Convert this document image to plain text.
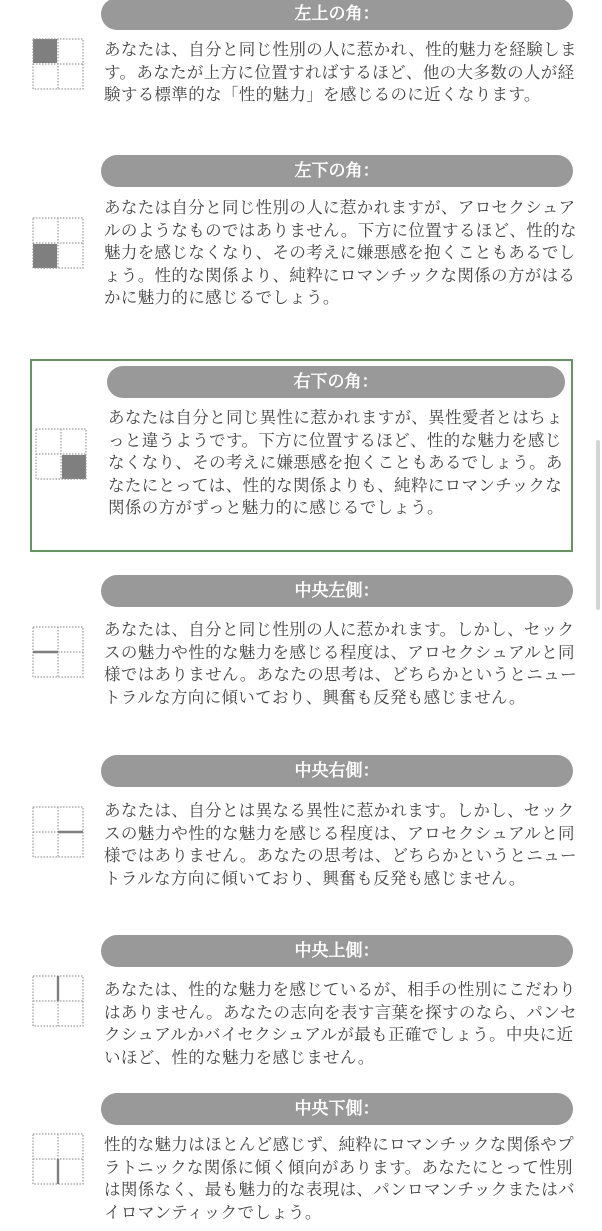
左上の角：
あなたは、自分と同じ性別の人に惹かれ、性的魅力を経験します。あなたが上方に位置すればするほど、他の大多数の人が経験する標準的な「性的魅力」を感じるのに近くなります。
左下の角：
あなたは自分と同じ性別の人に惹かれますが、アロセクシュアルのようなものではありません。下方に位置するほど、性的な魅力を感じなくなり、その考えに嫌悪感を抱くこともあるでしょう。性的な関係より、純粋にロマンチックな関係の方がはるかに魅力的に感じるでしょう。
右下の角：
あなたは自分と同じ異性に惹かれますが、異性愛者とはちょっと違うようです。下方に位置するほど、性的な魅力を感じなくなり、その考えに嫌悪感を抱くこともあるでしょう。あなたにとっては、性的な関係よりも、純粋にロマンチックな関係の方がずっと魅力的に感じるでしょう。
中央左側：
あなたは、自分と同じ性別の人に惹かれます。しかし、セックスの魅力や性的な魅力を感じる程度は、アロセクシュアルと同様ではありません。あなたの思考は、どちらかというとニュートラルな方向に傾いており、興奮も反発も感じません。
中央右側：
あなたは、自分とは異なる異性に惹かれます。しかし、セックスの魅力や性的な魅力を感じる程度は、アロセクシュアルと同様ではありません。あなたの思考は、どちらかというとニュートラルな方向に傾いており、興奮も反発も感じません。
中央上側：
あなたは、性的な魅力を感じているが、相手の性別にこだわりはありません。あなたの志向を表す言葉を探すのなら、パンセクシュアルかバイセクシュアルが最も正確でしょう。中央に近いほど、性的な魅力を感じません。
中央下側：
性的な魅力はほとんど感じず、純粋にロマンチックな関係やプラトニックな関係に傾く傾向があります。あなたにとって性別は関係なく、最も魅力的な表現は、パンロマンチックまたはバイロマンティックでしょう。
